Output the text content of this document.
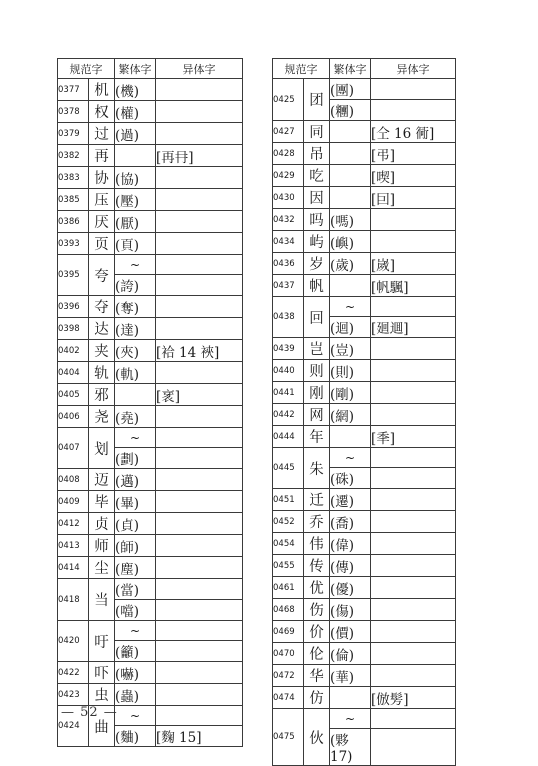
规范字		繁体字	异体字
0377	机	(機)	
0378	权	(權)	
0379	过	(過)	
0382	再		[再冄]
0383	协	(協)	
0385	压	(壓)	
0386	厌	(厭)	
0393	页	(頁)	
0395	夸	~	
		(誇)	
0396	夺	(奪)	
0398	达	(達)	
0402	夹	(夾)	[袷 14 裌]
0404	轨	(軌)	
0405	邪		[衺]
0406	尧	(堯)	
0407	划	~	
		(劃)	
0408	迈	(邁)	
0409	毕	(畢)	
0412	贞	(貞)	
0413	师	(師)	
0414	尘	(塵)	
0418	当	(當)	
		(噹)	
0420	吁	~	
		(籲)	
0422	吓	(嚇)	
0423	虫	(蟲)	
0424	曲	~	
		(麯)	[麴 15]
规范字		繁体字	异体字
0425	团	(團)	
		(糰)	
0427	同		[仝 16 衕]
0428	吊		[弔]
0429	吃		[喫]
0430	因		[囙]
0432	吗	(嗎)	
0434	屿	(嶼)	
0436	岁	(歲)	[嵗]
0437	帆		[帆颿]
0438	回	~	
		(迴)	[廻逥]
0439	岂	(豈)	
0440	则	(則)	
0441	刚	(剛)	
0442	网	(網)	
0444	年		[秊]
0445	朱	~	
		(硃)	
0451	迁	(遷)	
0452	乔	(喬)	
0454	伟	(偉)	
0455	传	(傳)	
0461	优	(優)	
0468	伤	(傷)	
0469	价	(價)	
0470	伦	(倫)	
0472	华	(華)	
0474	仿		[倣髣]
0475	伙	~	
		(夥 17)	
— 52 —
